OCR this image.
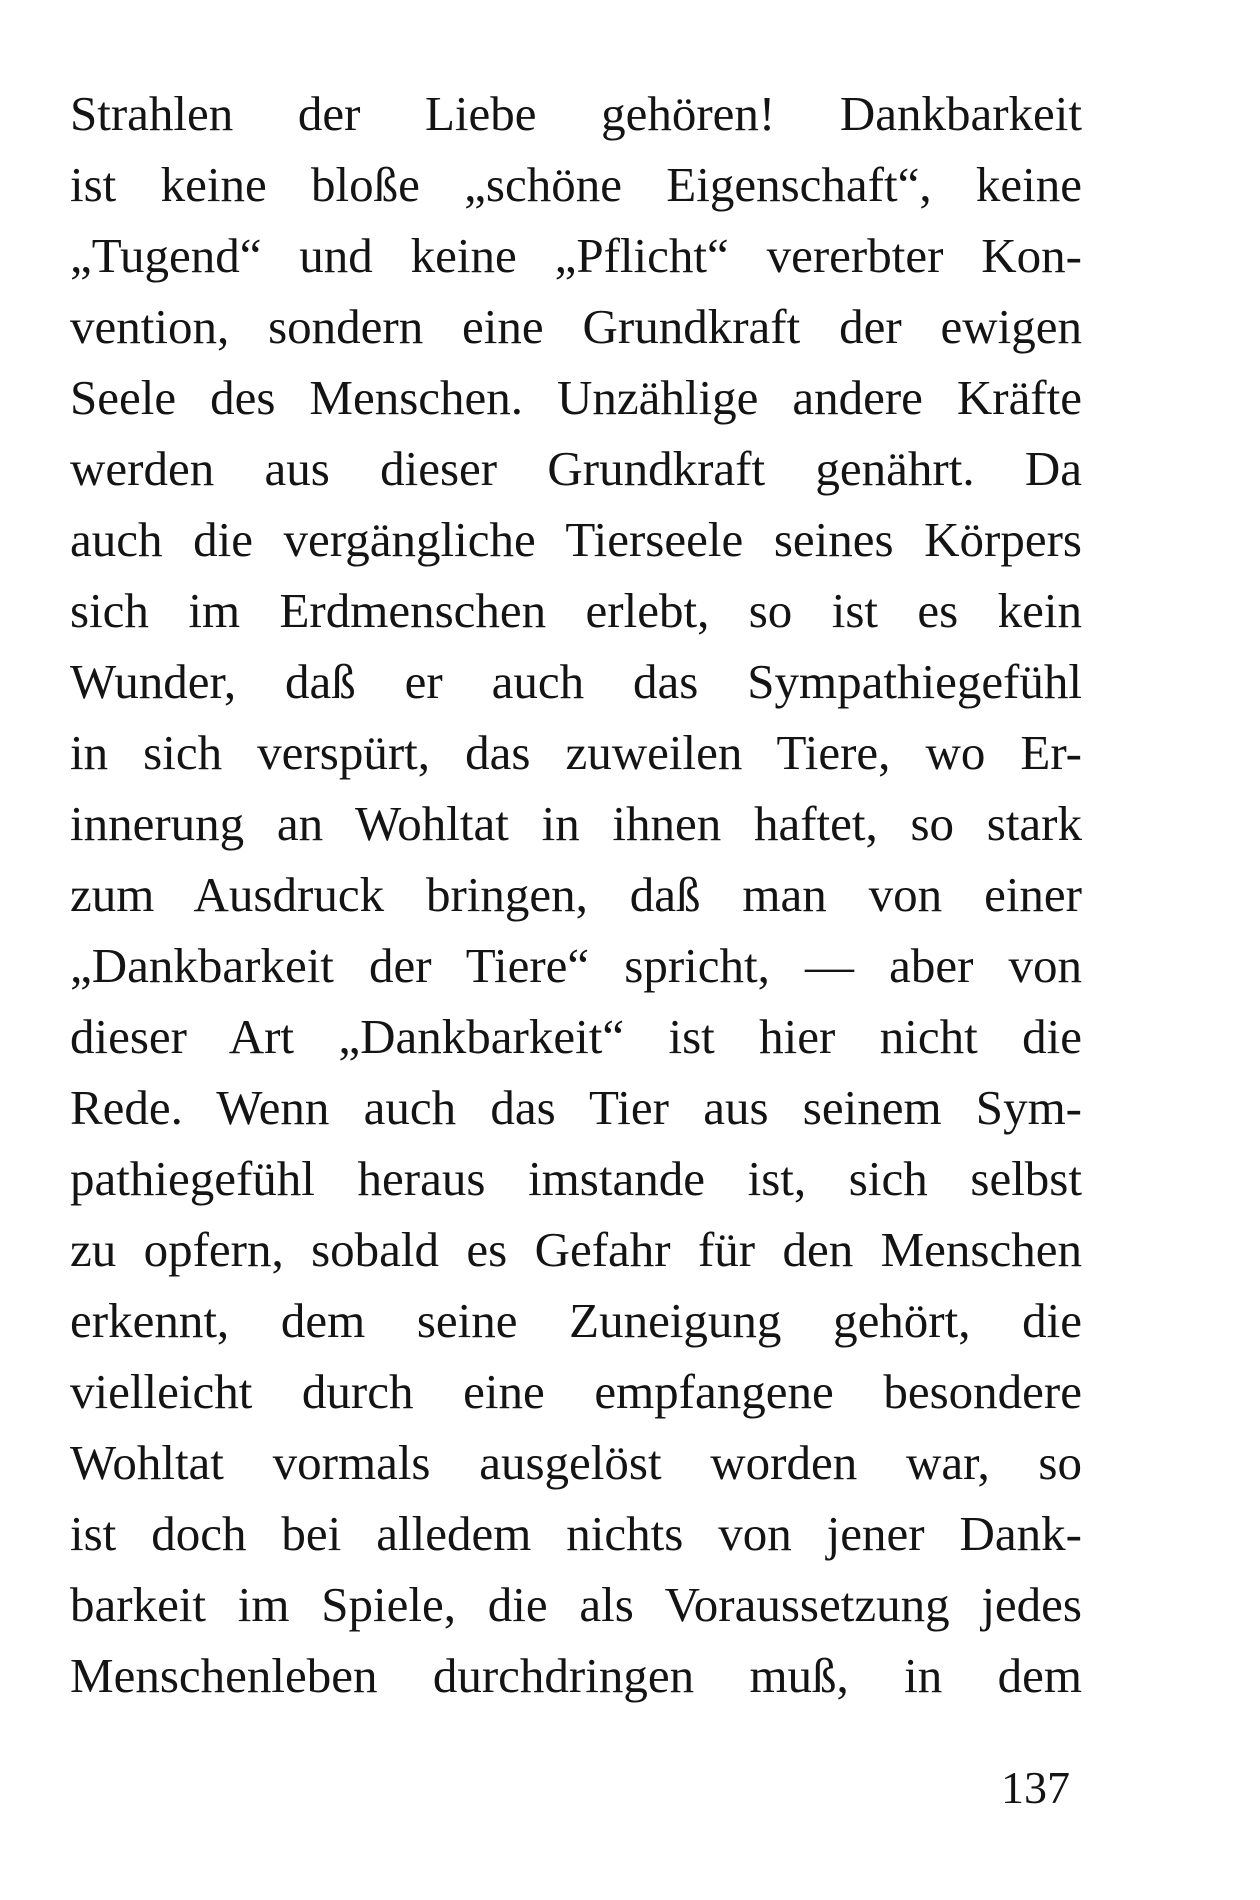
Strahlen der Liebe gehören! Dankbarkeit
ist keine bloße „schöne Eigenschaft“, keine
„Tugend“ und keine „Pflicht“ vererbter Kon-
vention, sondern eine Grundkraft der ewigen
Seele des Menschen. Unzählige andere Kräfte
werden aus dieser Grundkraft genährt. Da
auch die vergängliche Tierseele seines Körpers
sich im Erdmenschen erlebt, so ist es kein
Wunder, daß er auch das Sympathiegefühl
in sich verspürt, das zuweilen Tiere, wo Er-
innerung an Wohltat in ihnen haftet, so stark
zum Ausdruck bringen, daß man von einer
„Dankbarkeit der Tiere“ spricht, — aber von
dieser Art „Dankbarkeit“ ist hier nicht die
Rede. Wenn auch das Tier aus seinem Sym-
pathiegefühl heraus imstande ist, sich selbst
zu opfern, sobald es Gefahr für den Menschen
erkennt, dem seine Zuneigung gehört, die
vielleicht durch eine empfangene besondere
Wohltat vormals ausgelöst worden war, so
ist doch bei alledem nichts von jener Dank-
barkeit im Spiele, die als Voraussetzung jedes
Menschenleben durchdringen muß, in dem
137
